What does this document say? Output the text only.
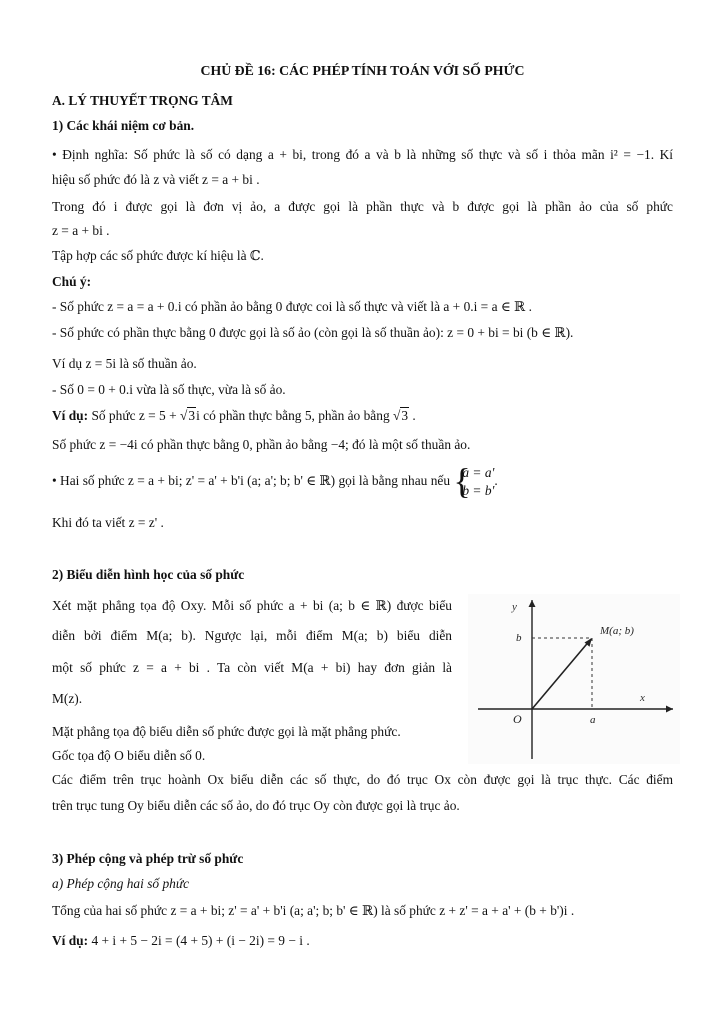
CHỦ ĐỀ 16: CÁC PHÉP TÍNH TOÁN VỚI SỐ PHỨC
A. LÝ THUYẾT TRỌNG TÂM
1) Các khái niệm cơ bản.
• Định nghĩa: Số phức là số có dạng a + bi, trong đó a và b là những số thực và số i thỏa mãn i² = −1. Kí
hiệu số phức đó là z và viết z = a + bi .
Trong đó i được gọi là đơn vị ảo, a được gọi là phần thực và b được gọi là phần ảo của số phức
z = a + bi .
Tập hợp các số phức được kí hiệu là ℂ.
Chú ý:
- Số phức z = a = a + 0.i có phần ảo bằng 0 được coi là số thực và viết là a + 0.i = a ∈ ℝ .
- Số phức có phần thực bằng 0 được gọi là số ảo (còn gọi là số thuần ảo): z = 0 + bi = bi (b ∈ ℝ).
Ví dụ z = 5i là số thuần ảo.
- Số 0 = 0 + 0.i vừa là số thực, vừa là số ảo.
Ví dụ: Số phức z = 5 + √3i có phần thực bằng 5, phần ảo bằng √3 .
Số phức z = −4i có phần thực bằng 0, phần ảo bằng −4; đó là một số thuần ảo.
• Hai số phức z = a + bi; z' = a' + b'i (a; a'; b; b' ∈ ℝ) gọi là bằng nhau nếu {
a = a'
b = b'
.
Khi đó ta viết z = z' .
2) Biểu diễn hình học của số phức
Xét mặt phẳng tọa độ Oxy. Mỗi số phức a + bi (a; b ∈ ℝ) được biểu
diễn bởi điểm M(a; b). Ngược lại, mỗi điểm M(a; b) biểu diễn
một số phức z = a + bi . Ta còn viết M(a + bi) hay đơn giản là
M(z).
Mặt phẳng tọa độ biểu diễn số phức được gọi là mặt phẳng phức.
Gốc tọa độ O biểu diễn số 0.
Các điểm trên trục hoành Ox biểu diễn các số thực, do đó trục Ox còn được gọi là trục thực. Các điểm
trên trục tung Oy biểu diễn các số ảo, do đó trục Oy còn được gọi là trục ảo.
3) Phép cộng và phép trừ số phức
a) Phép cộng hai số phức
Tổng của hai số phức z = a + bi; z' = a' + b'i (a; a'; b; b' ∈ ℝ) là số phức z + z' = a + a' + (b + b')i .
Ví dụ: 4 + i + 5 − 2i = (4 + 5) + (i − 2i) = 9 − i .
y
x
O
M(a; b)
b
a
